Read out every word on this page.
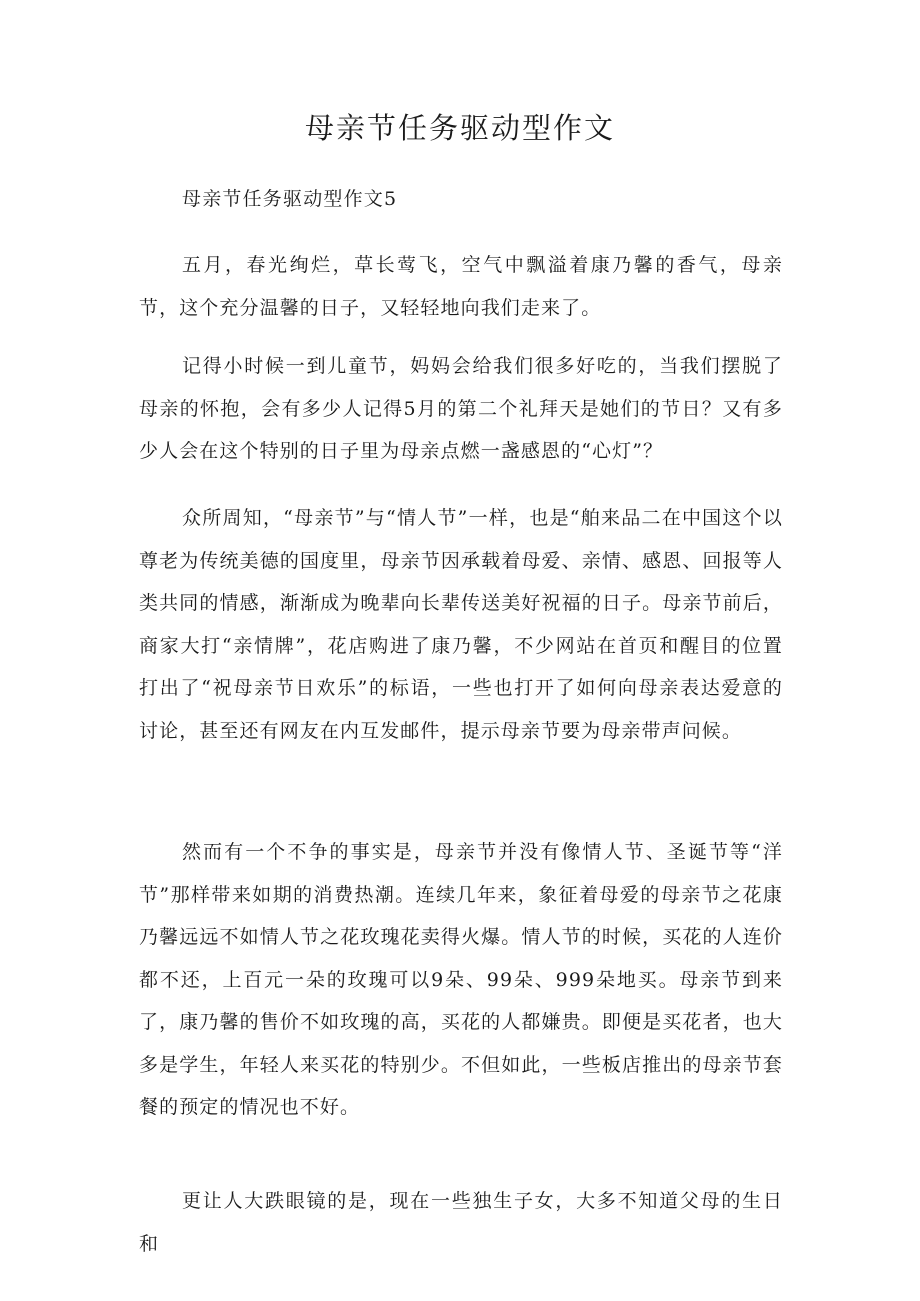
母亲节任务驱动型作文

母亲节任务驱动型作文5

五月，春光绚烂，草长莺飞，空气中飘溢着康乃馨的香气，母亲节，这个充分温馨的日子，又轻轻地向我们走来了。

记得小时候一到儿童节，妈妈会给我们很多好吃的，当我们摆脱了母亲的怀抱，会有多少人记得5月的第二个礼拜天是她们的节日？又有多少人会在这个特别的日子里为母亲点燃一盏感恩的“心灯”？

众所周知，“母亲节”与“情人节”一样，也是“舶来品二在中国这个以尊老为传统美德的国度里，母亲节因承载着母爱、亲情、感恩、回报等人类共同的情感，渐渐成为晚辈向长辈传送美好祝福的日子。母亲节前后，商家大打“亲情牌”，花店购进了康乃馨，不少网站在首页和醒目的位置打出了“祝母亲节日欢乐”的标语，一些也打开了如何向母亲表达爱意的讨论，甚至还有网友在内互发邮件，提示母亲节要为母亲带声问候。

然而有一个不争的事实是，母亲节并没有像情人节、圣诞节等“洋节”那样带来如期的消费热潮。连续几年来，象征着母爱的母亲节之花康乃馨远远不如情人节之花玫瑰花卖得火爆。情人节的时候，买花的人连价都不还，上百元一朵的玫瑰可以9朵、99朵、999朵地买。母亲节到来了，康乃馨的售价不如玫瑰的高，买花的人都嫌贵。即便是买花者，也大多是学生，年轻人来买花的特别少。不但如此，一些板店推出的母亲节套餐的预定的情况也不好。

更让人大跌眼镜的是，现在一些独生子女，大多不知道父母的生日和
